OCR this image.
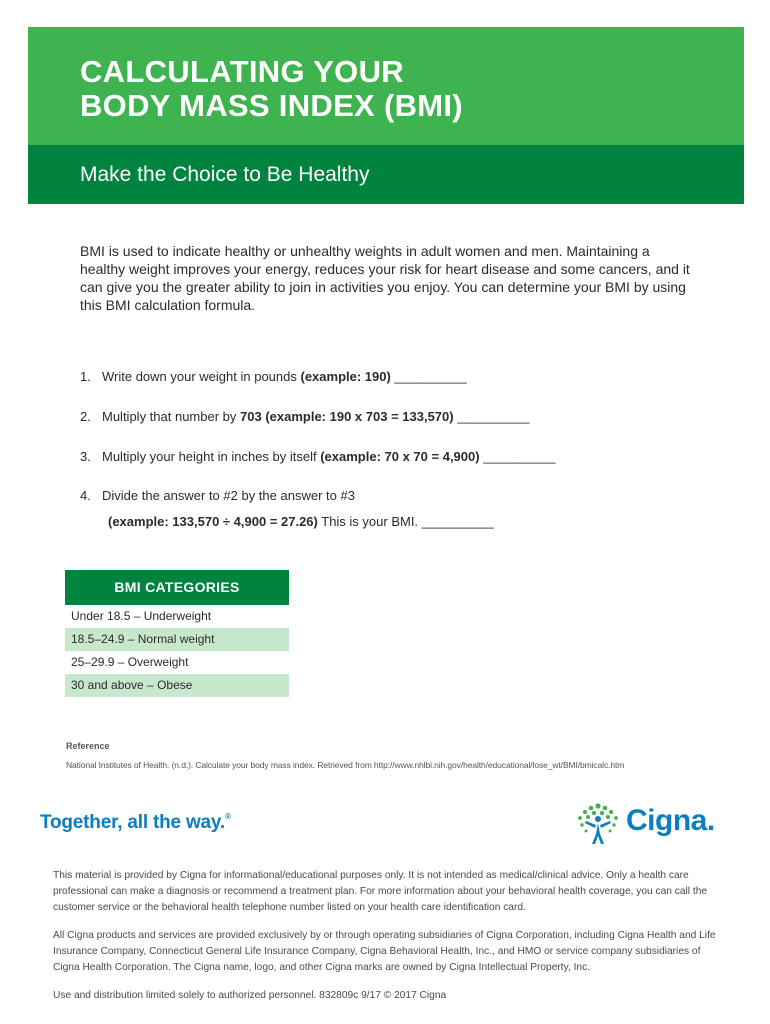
CALCULATING YOUR
BODY MASS INDEX (BMI)
Make the Choice to Be Healthy

BMI is used to indicate healthy or unhealthy weights in adult women and men. Maintaining a healthy weight improves your energy, reduces your risk for heart disease and some cancers, and it can give you the greater ability to join in activities you enjoy. You can determine your BMI by using this BMI calculation formula.

1. Write down your weight in pounds (example: 190) __________
2. Multiply that number by 703 (example: 190 x 703 = 133,570) __________
3. Multiply your height in inches by itself (example: 70 x 70 = 4,900) __________
4. Divide the answer to #2 by the answer to #3
(example: 133,570 ÷ 4,900 = 27.26) This is your BMI. __________
BMI CATEGORIES
Under 18.5 – Underweight
18.5–24.9 – Normal weight
25–29.9 – Overweight
30 and above – Obese
Reference
National Institutes of Health. (n.d.). Calculate your body mass index. Retrieved from http://www.nhlbi.nih.gov/health/educational/lose_wt/BMI/bmicalc.htm
Together, all the way.®	Cigna.

This material is provided by Cigna for informational/educational purposes only. It is not intended as medical/clinical advice. Only a health care professional can make a diagnosis or recommend a treatment plan. For more information about your behavioral health coverage, you can call the customer service or the behavioral health telephone number listed on your health care identification card.

All Cigna products and services are provided exclusively by or through operating subsidiaries of Cigna Corporation, including Cigna Health and Life Insurance Company, Connecticut General Life Insurance Company, Cigna Behavioral Health, Inc., and HMO or service company subsidiaries of Cigna Health Corporation. The Cigna name, logo, and other Cigna marks are owned by Cigna Intellectual Property, Inc.

Use and distribution limited solely to authorized personnel. 832809c 9/17 © 2017 Cigna
